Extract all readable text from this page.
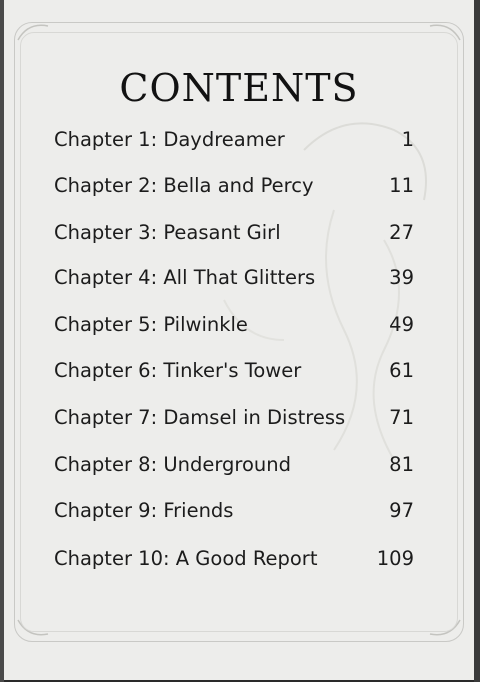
CONTENTS
Chapter 1: Daydreamer	1
Chapter 2: Bella and Percy	11
Chapter 3: Peasant Girl	27
Chapter 4: All That Glitters	39
Chapter 5: Pilwinkle	49
Chapter 6: Tinker's Tower	61
Chapter 7: Damsel in Distress 71
Chapter 8: Underground	81
Chapter 9: Friends	97
Chapter 10: A Good Report	109
